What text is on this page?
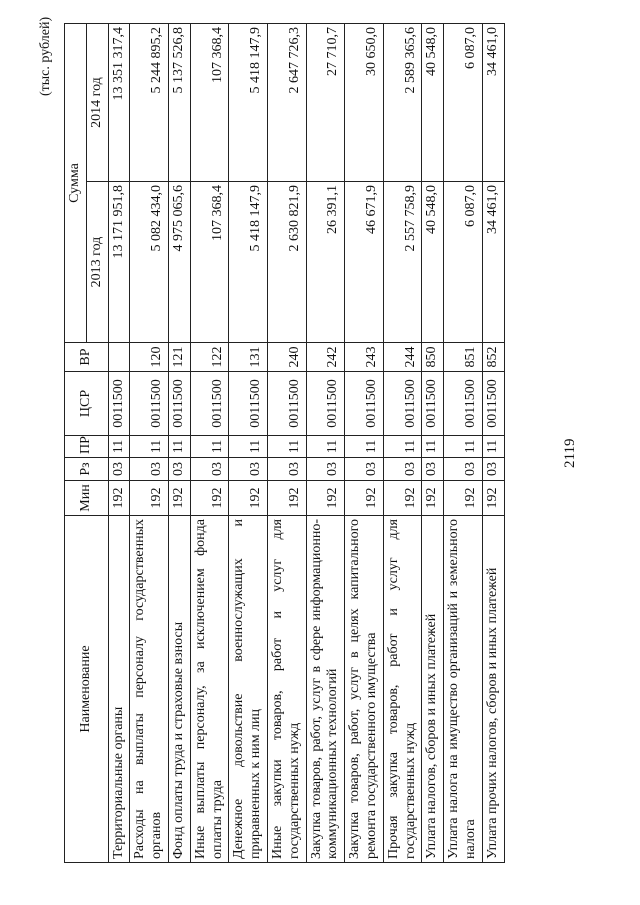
2119
(тыс. рублей)
Наименование	Мин	Рз	ПР	ЦСР	ВР	Сумма	
						2013 год	2014 год
Территориальные органы	192	03	11	0011500		13 171 951,8	13 351 317,4
Расходы на выплаты персоналу государственных органов	192	03	11	0011500	120	5 082 434,0	5 244 895,2
Фонд оплаты труда и страховые взносы	192	03	11	0011500	121	4 975 065,6	5 137 526,8
Иные выплаты персоналу, за исключением фонда оплаты труда	192	03	11	0011500	122	107 368,4	107 368,4
Денежное довольствие военнослужащих и приравненных к ним лиц	192	03	11	0011500	131	5 418 147,9	5 418 147,9
Иные закупки товаров, работ и услуг для государственных нужд	192	03	11	0011500	240	2 630 821,9	2 647 726,3
Закупка товаров, работ, услуг в сфере информационно-коммуникационных технологий	192	03	11	0011500	242	26 391,1	27 710,7
Закупка товаров, работ, услуг в целях капитального ремонта государственного имущества	192	03	11	0011500	243	46 671,9	30 650,0
Прочая закупка товаров, работ и услуг для государственных нужд	192	03	11	0011500	244	2 557 758,9	2 589 365,6
Уплата налогов, сборов и иных платежей	192	03	11	0011500	850	40 548,0	40 548,0
Уплата налога на имущество организаций и земельного налога	192	03	11	0011500	851	6 087,0	6 087,0
Уплата прочих налогов, сборов и иных платежей	192	03	11	0011500	852	34 461,0	34 461,0
